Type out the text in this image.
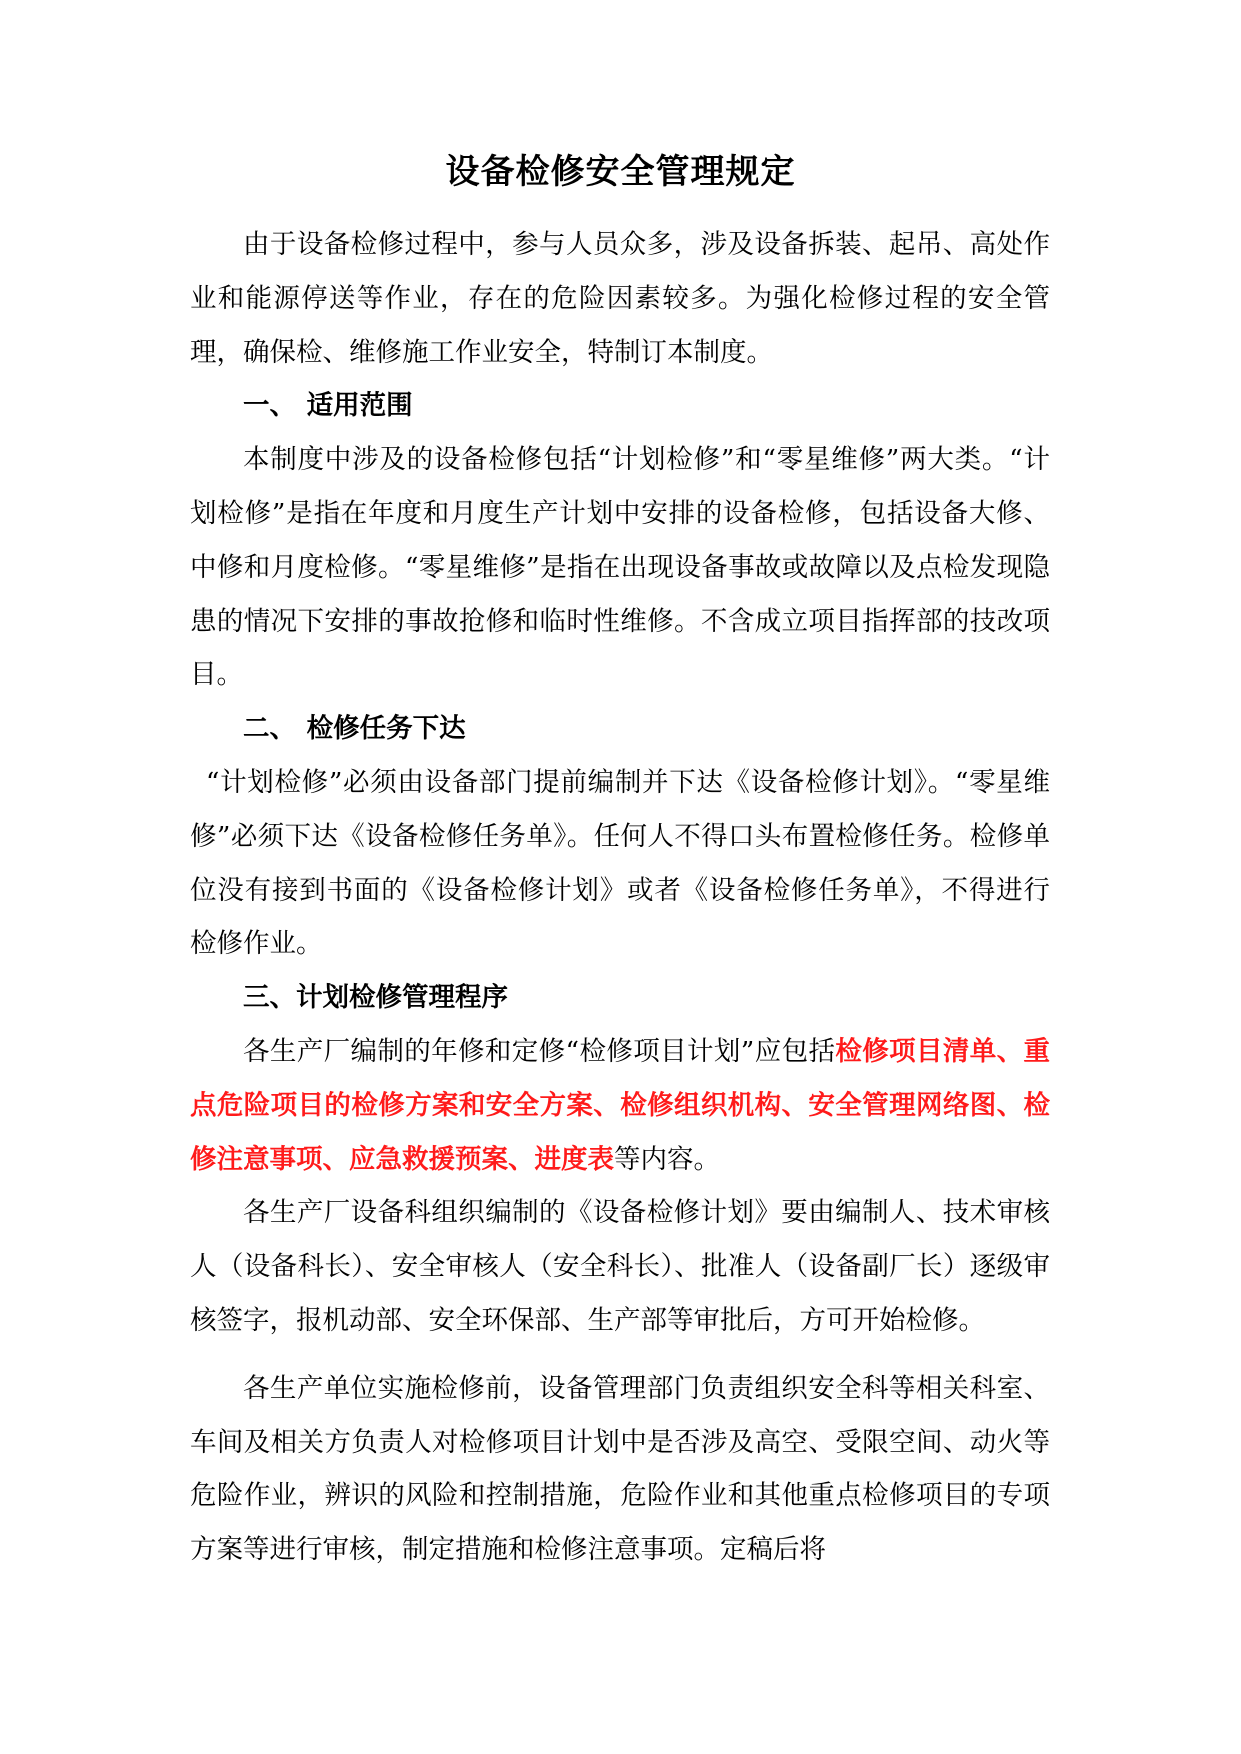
设备检修安全管理规定

由于设备检修过程中，参与人员众多，涉及设备拆装、起吊、高处作业和能源停送等作业，存在的危险因素较多。为强化检修过程的安全管理，确保检、维修施工作业安全，特制订本制度。

一、 适用范围

本制度中涉及的设备检修包括“计划检修”和“零星维修”两大类。“计划检修”是指在年度和月度生产计划中安排的设备检修，包括设备大修、中修和月度检修。“零星维修”是指在出现设备事故或故障以及点检发现隐患的情况下安排的事故抢修和临时性维修。不含成立项目指挥部的技改项目。

二、 检修任务下达

“计划检修”必须由设备部门提前编制并下达《设备检修计划》。“零星维修”必须下达《设备检修任务单》。任何人不得口头布置检修任务。检修单位没有接到书面的《设备检修计划》或者《设备检修任务单》，不得进行检修作业。

三、计划检修管理程序

各生产厂编制的年修和定修“检修项目计划”应包括检修项目清单、重点危险项目的检修方案和安全方案、检修组织机构、安全管理网络图、检修注意事项、应急救援预案、进度表等内容。

各生产厂设备科组织编制的《设备检修计划》要由编制人、技术审核人（设备科长）、安全审核人（安全科长）、批准人（设备副厂长）逐级审核签字，报机动部、安全环保部、生产部等审批后，方可开始检修。

各生产单位实施检修前，设备管理部门负责组织安全科等相关科室、车间及相关方负责人对检修项目计划中是否涉及高空、受限空间、动火等危险作业，辨识的风险和控制措施，危险作业和其他重点检修项目的专项方案等进行审核，制定措施和检修注意事项。定稿后将
